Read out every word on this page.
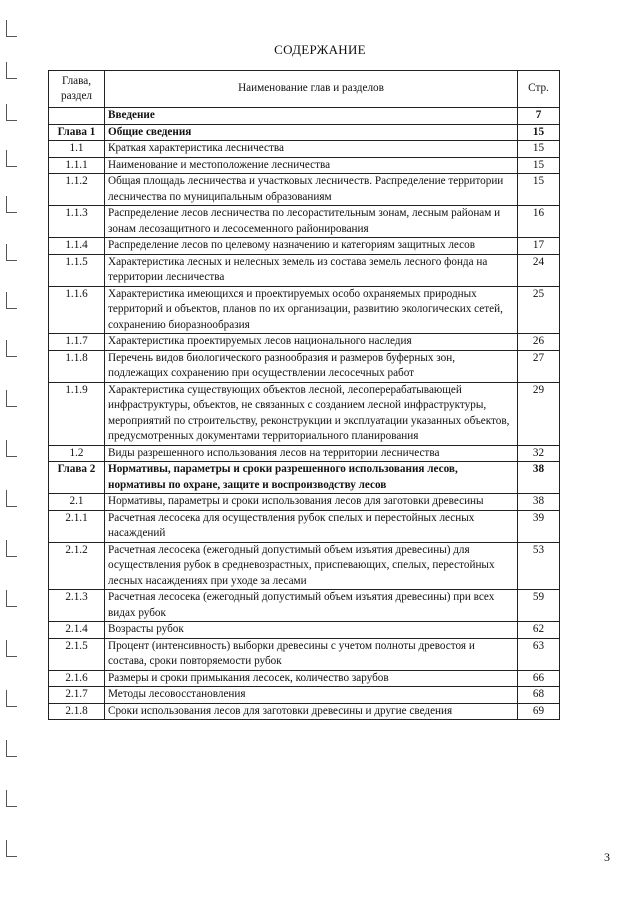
СОДЕРЖАНИЕ
Глава, раздел	Наименование глав и разделов	Стр.
	Введение	7
Глава 1	Общие сведения	15
1.1	Краткая характеристика лесничества	15
1.1.1	Наименование и местоположение лесничества	15
1.1.2	Общая площадь лесничества и участковых лесничеств. Распределение территории лесничества по муниципальным образованиям	15
1.1.3	Распределение лесов лесничества по лесорастительным зонам, лесным районам и зонам лесозащитного и лесосеменного районирования	16
1.1.4	Распределение лесов по целевому назначению и категориям защитных лесов	17
1.1.5	Характеристика лесных и нелесных земель из состава земель лесного фонда на территории лесничества	24
1.1.6	Характеристика имеющихся и проектируемых особо охраняемых природных территорий и объектов, планов по их организации, развитию экологических сетей, сохранению биоразнообразия	25
1.1.7	Характеристика проектируемых лесов национального наследия	26
1.1.8	Перечень видов биологического разнообразия и размеров буферных зон, подлежащих сохранению при осуществлении лесосечных работ	27
1.1.9	Характеристика существующих объектов лесной, лесоперерабатывающей инфраструктуры, объектов, не связанных с созданием лесной инфраструктуры, мероприятий по строительству, реконструкции и эксплуатации указанных объектов, предусмотренных документами территориального планирования	29
1.2	Виды разрешенного использования лесов на территории лесничества	32
Глава 2	Нормативы, параметры и сроки разрешенного использования лесов, нормативы по охране, защите и воспроизводству лесов	38
2.1	Нормативы, параметры и сроки использования лесов для заготовки древесины	38
2.1.1	Расчетная лесосека для осуществления рубок спелых и перестойных лесных насаждений	39
2.1.2	Расчетная лесосека (ежегодный допустимый объем изъятия древесины) для осуществления рубок в средневозрастных, приспевающих, спелых, перестойных лесных насаждениях при уходе за лесами	53
2.1.3	Расчетная лесосека (ежегодный допустимый объем изъятия древесины) при всех видах рубок	59
2.1.4	Возрасты рубок	62
2.1.5	Процент (интенсивность) выборки древесины с учетом полноты древостоя и состава, сроки повторяемости рубок	63
2.1.6	Размеры и сроки примыкания лесосек, количество зарубов	66
2.1.7	Методы лесовосстановления	68
2.1.8	Сроки использования лесов для заготовки древесины и другие сведения	69
3
